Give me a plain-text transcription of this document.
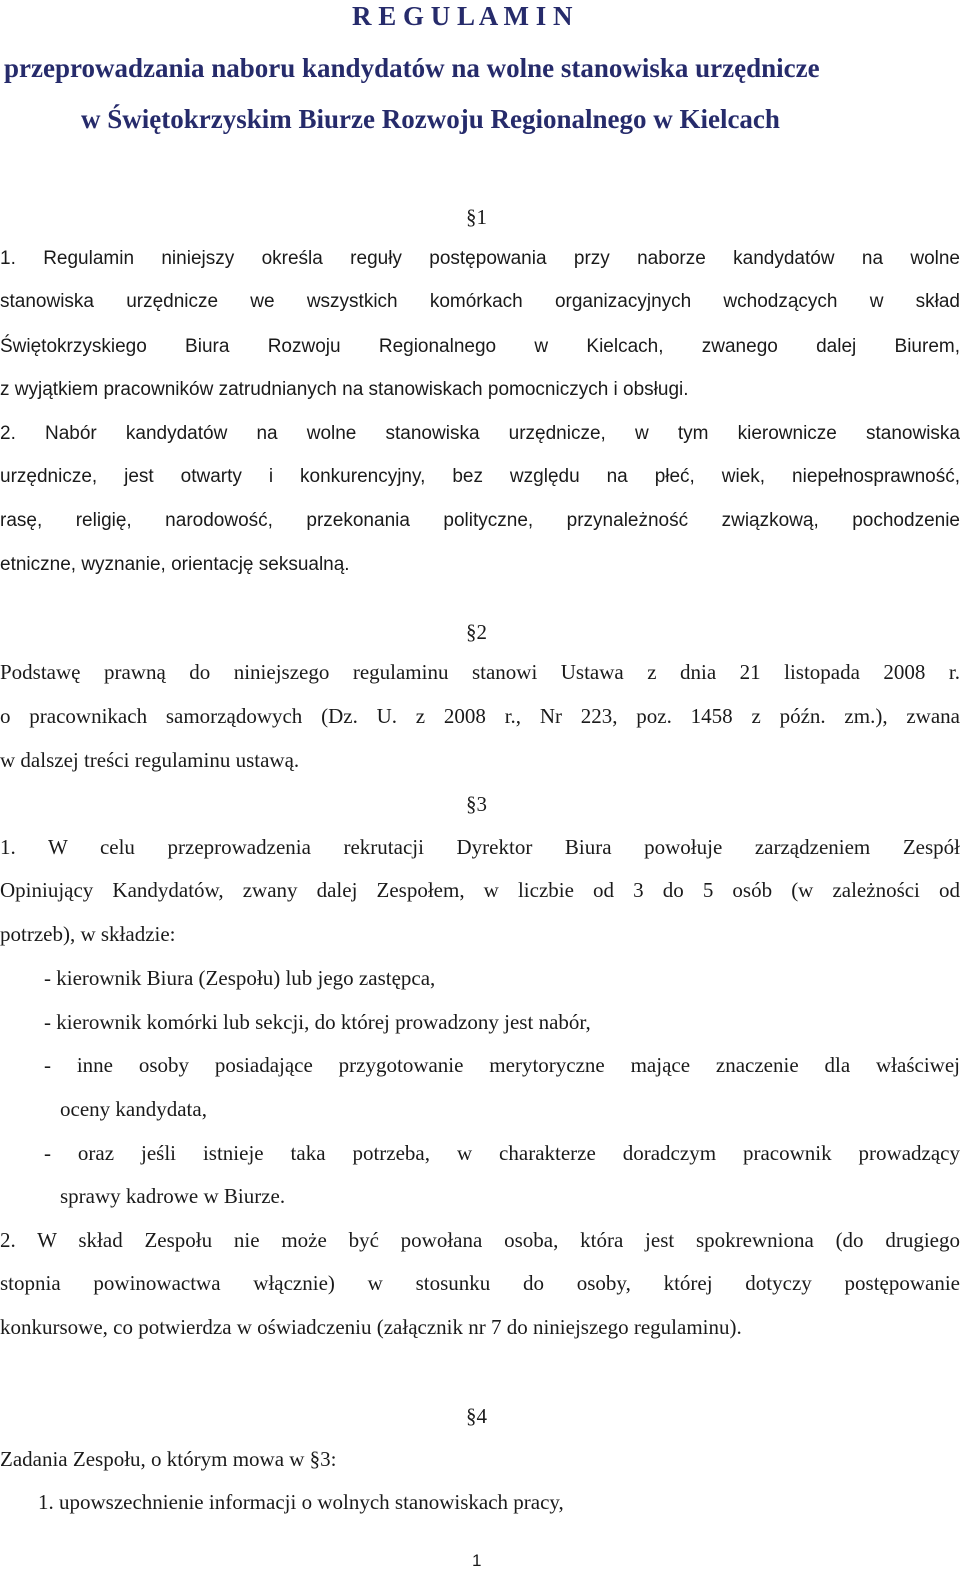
R E G U L A M I N
przeprowadzania naboru kandydatów na wolne stanowiska urzędnicze
w Świętokrzyskim Biurze Rozwoju Regionalnego w Kielcach
§1
1. Regulamin niniejszy określa reguły postępowania przy naborze kandydatów na wolne
stanowiska urzędnicze we wszystkich komórkach organizacyjnych wchodzących w skład
Świętokrzyskiego Biura Rozwoju Regionalnego w Kielcach, zwanego dalej Biurem,
z wyjątkiem pracowników zatrudnianych na stanowiskach pomocniczych i obsługi.
2. Nabór kandydatów na wolne stanowiska urzędnicze, w tym kierownicze stanowiska
urzędnicze, jest otwarty i konkurencyjny, bez względu na płeć, wiek, niepełnosprawność,
rasę, religię, narodowość, przekonania polityczne, przynależność związkową, pochodzenie
etniczne, wyznanie, orientację seksualną.
§2
Podstawę prawną do niniejszego regulaminu stanowi Ustawa z dnia 21 listopada 2008 r.
o pracownikach samorządowych (Dz. U. z 2008 r., Nr 223, poz. 1458 z późn. zm.), zwana
w dalszej treści regulaminu ustawą.
§3
1. W celu przeprowadzenia rekrutacji Dyrektor Biura powołuje zarządzeniem Zespół
Opiniujący Kandydatów, zwany dalej Zespołem, w liczbie od 3 do 5 osób (w zależności od
potrzeb), w składzie:
- kierownik Biura (Zespołu) lub jego zastępca,
- kierownik komórki lub sekcji, do której prowadzony jest nabór,
- inne osoby posiadające przygotowanie merytoryczne mające znaczenie dla właściwej
oceny kandydata,
- oraz jeśli istnieje taka potrzeba, w charakterze doradczym pracownik prowadzący
sprawy kadrowe w Biurze.
2. W skład Zespołu nie może być powołana osoba, która jest spokrewniona (do drugiego
stopnia powinowactwa włącznie) w stosunku do osoby, której dotyczy postępowanie
konkursowe, co potwierdza w oświadczeniu (załącznik nr 7 do niniejszego regulaminu).
§4
Zadania Zespołu, o którym mowa w §3:
1. upowszechnienie informacji o wolnych stanowiskach pracy,
1
